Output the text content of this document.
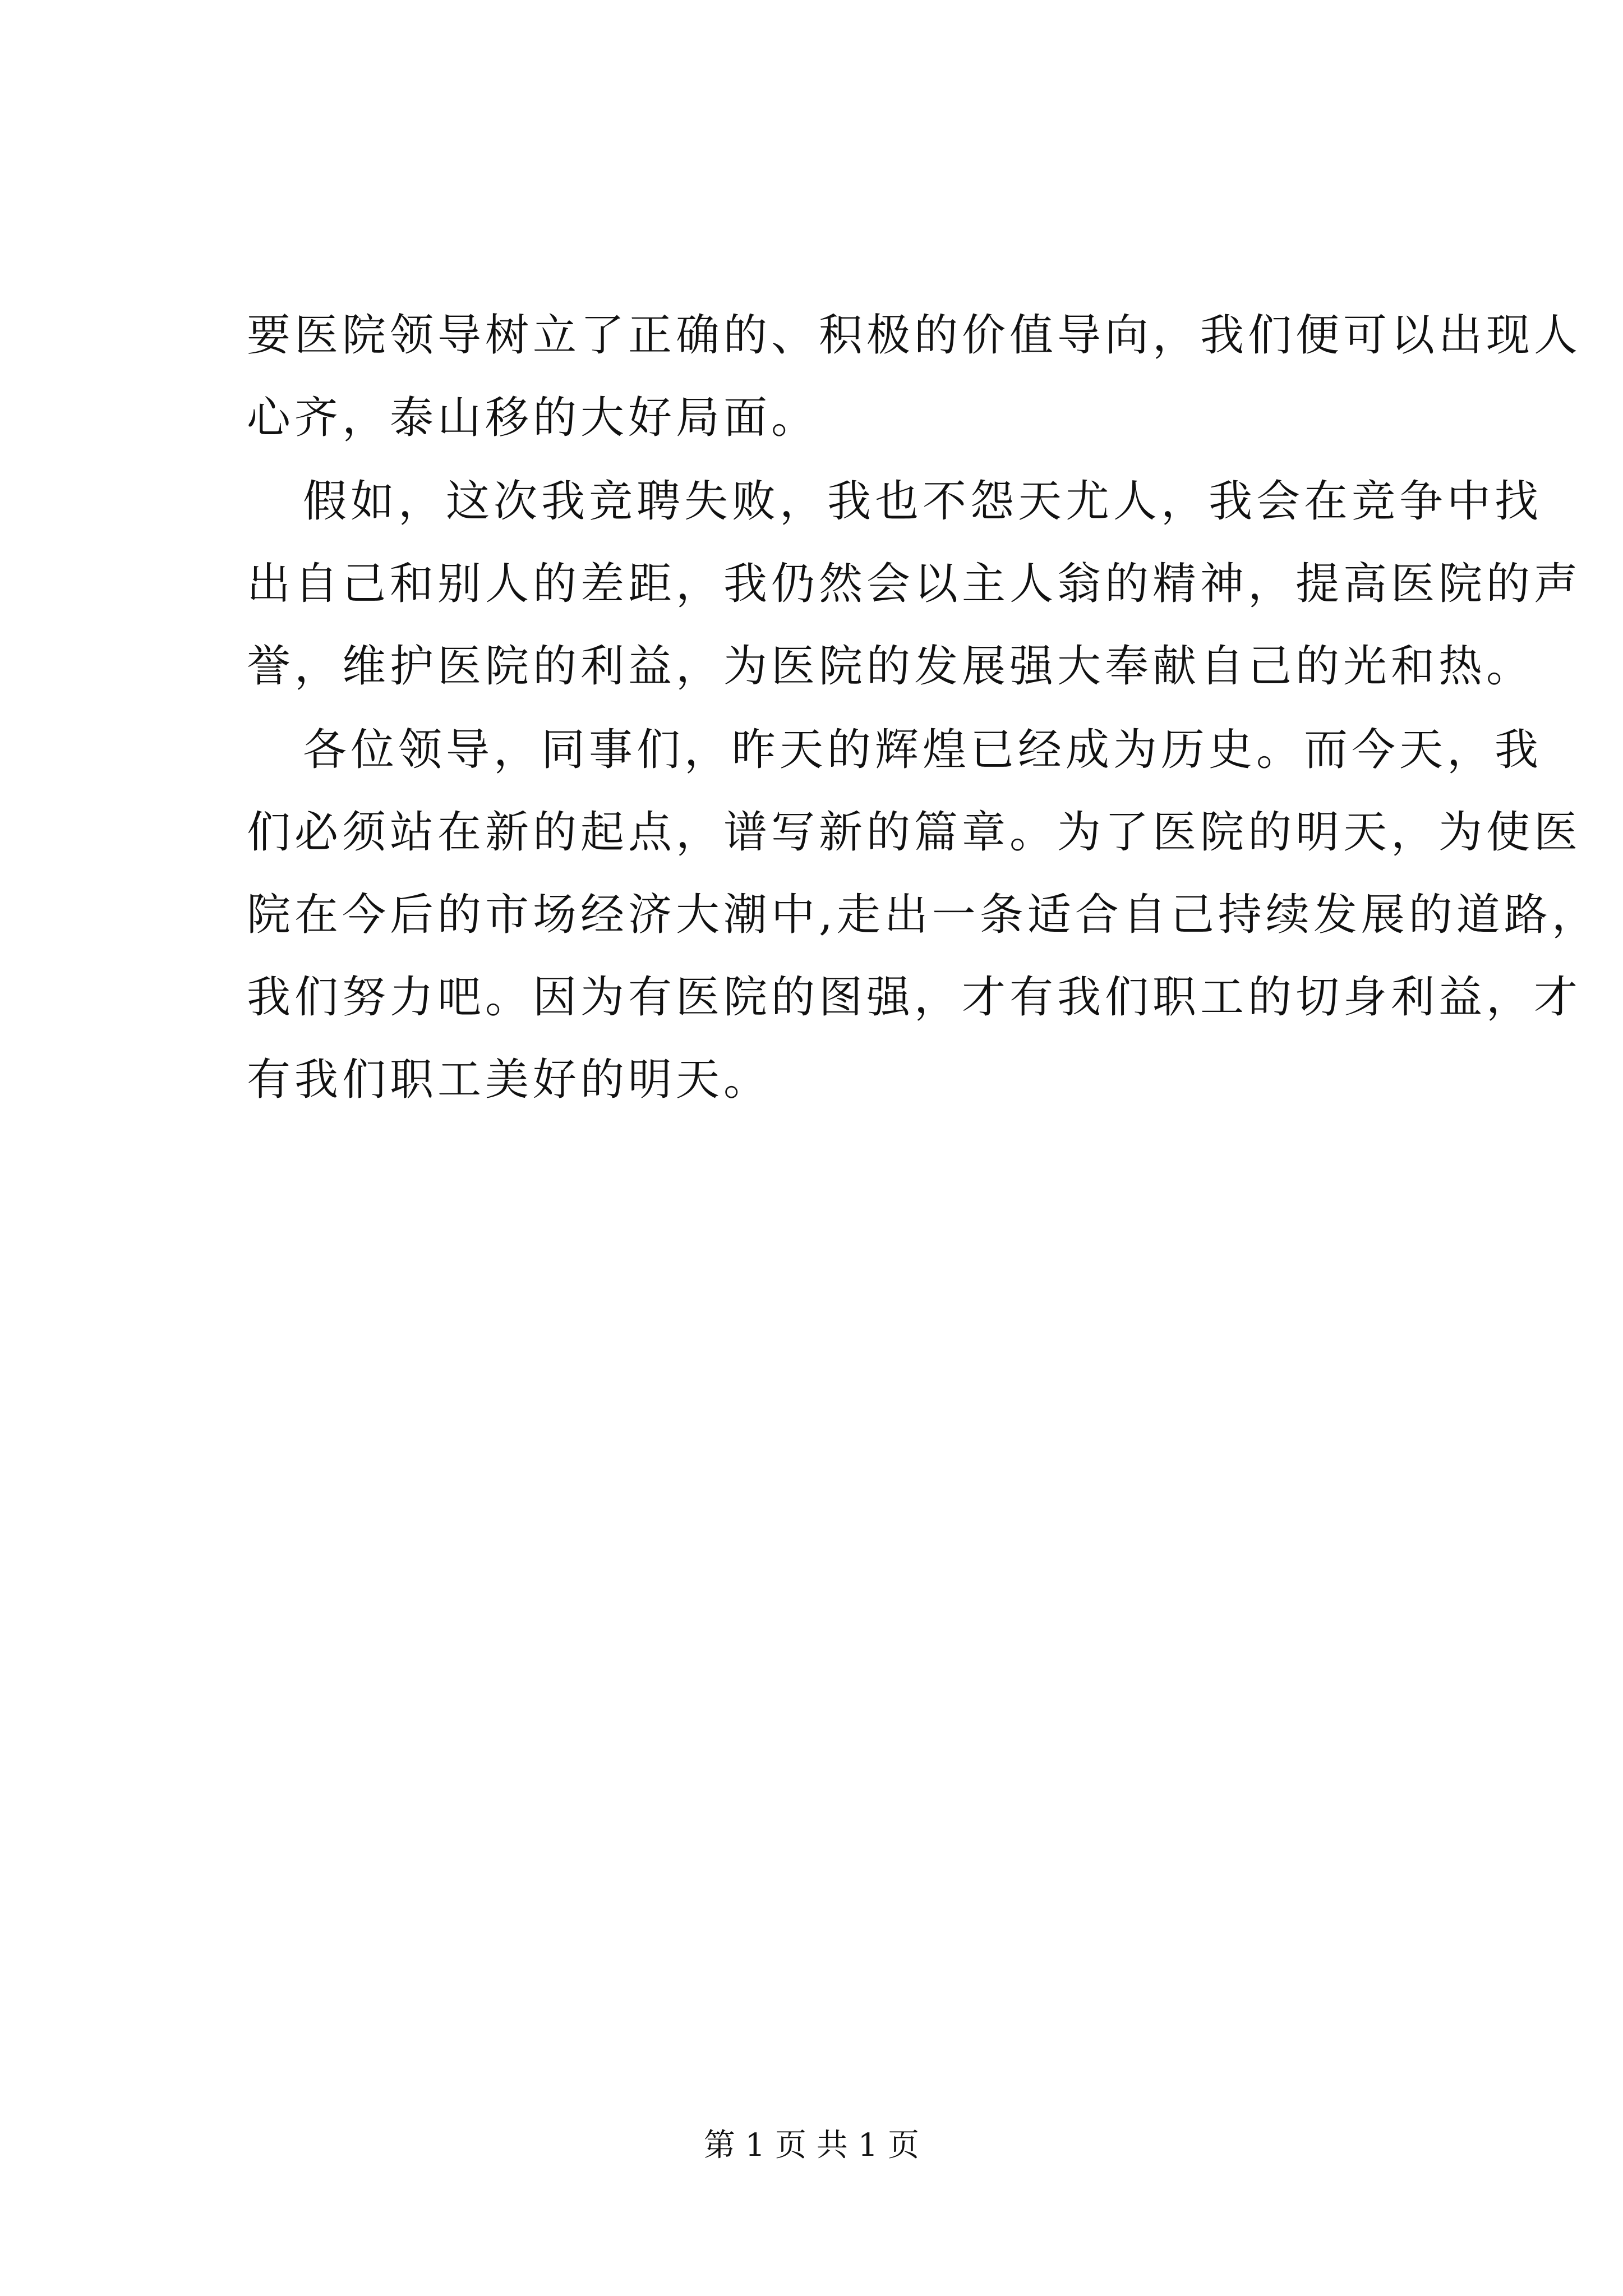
要医院领导树立了正确的、积极的价值导向，我们便可以出现人
心齐，泰山移的大好局面。
假如，这次我竞聘失败，我也不怨天尤人，我会在竞争中找
出自己和别人的差距，我仍然会以主人翁的精神，提高医院的声
誉，维护医院的利益，为医院的发展强大奉献自己的光和热。
各位领导，同事们，昨天的辉煌已经成为历史。而今天，我
们必须站在新的起点，谱写新的篇章。为了医院的明天，为使医
院在今后的市场经济大潮中,走出一条适合自己持续发展的道路，
我们努力吧。因为有医院的图强，才有我们职工的切身利益，才
有我们职工美好的明天。
第 1 页 共 1 页
